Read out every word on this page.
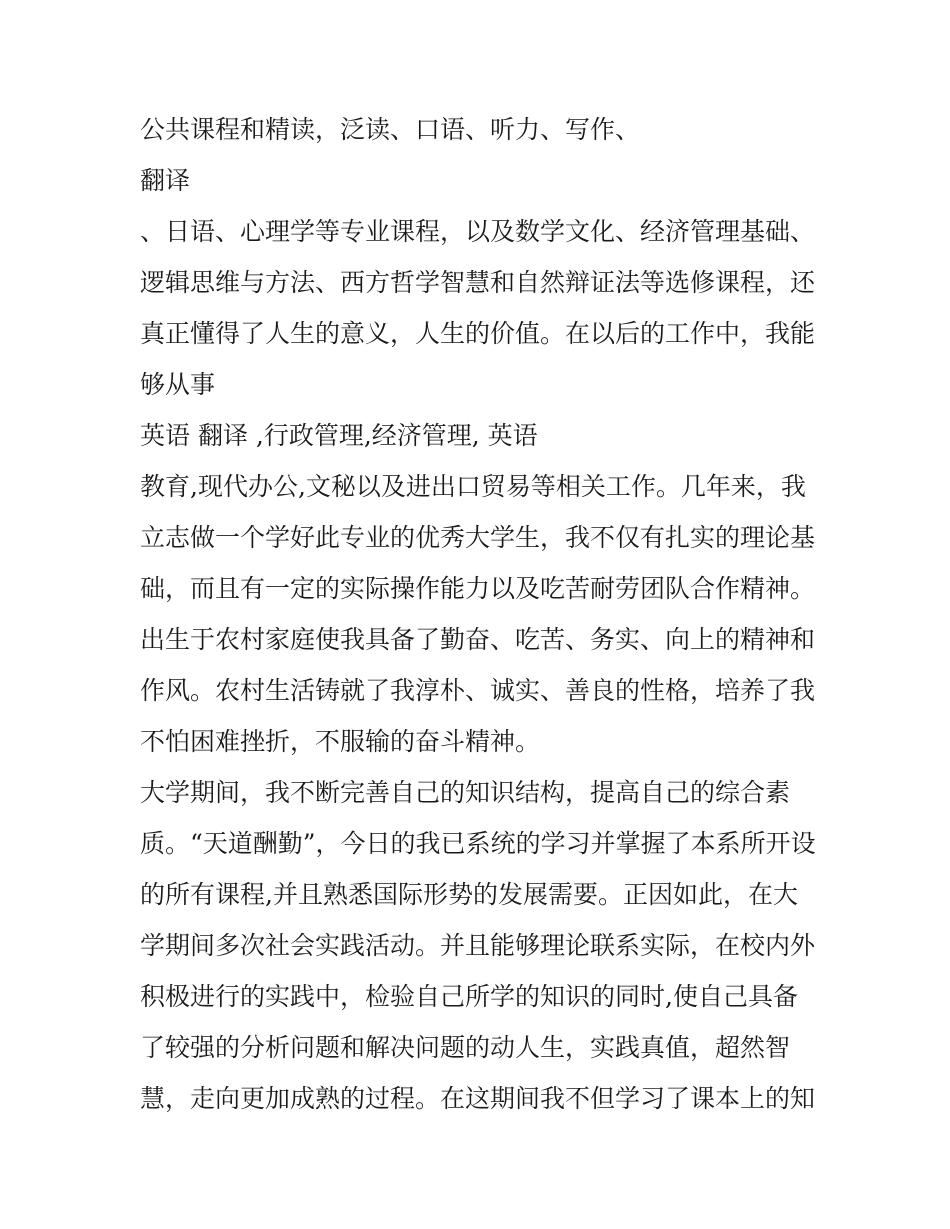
公共课程和精读，泛读、口语、听力、写作、
翻译
、日语、心理学等专业课程，以及数学文化、经济管理基础、
逻辑思维与方法、西方哲学智慧和自然辩证法等选修课程，还
真正懂得了人生的意义，人生的价值。在以后的工作中，我能
够从事
英语 翻译 ,行政管理,经济管理, 英语
教育,现代办公,文秘以及进出口贸易等相关工作。几年来，我
立志做一个学好此专业的优秀大学生，我不仅有扎实的理论基
础，而且有一定的实际操作能力以及吃苦耐劳团队合作精神。
出生于农村家庭使我具备了勤奋、吃苦、务实、向上的精神和
作风。农村生活铸就了我淳朴、诚实、善良的性格，培养了我
不怕困难挫折，不服输的奋斗精神。
大学期间，我不断完善自己的知识结构，提高自己的综合素
质。“天道酬勤”，今日的我已系统的学习并掌握了本系所开设
的所有课程,并且熟悉国际形势的发展需要。正因如此，在大
学期间多次社会实践活动。并且能够理论联系实际，在校内外
积极进行的实践中，检验自己所学的知识的同时,使自己具备
了较强的分析问题和解决问题的动人生，实践真值，超然智
慧，走向更加成熟的过程。在这期间我不但学习了课本上的知
